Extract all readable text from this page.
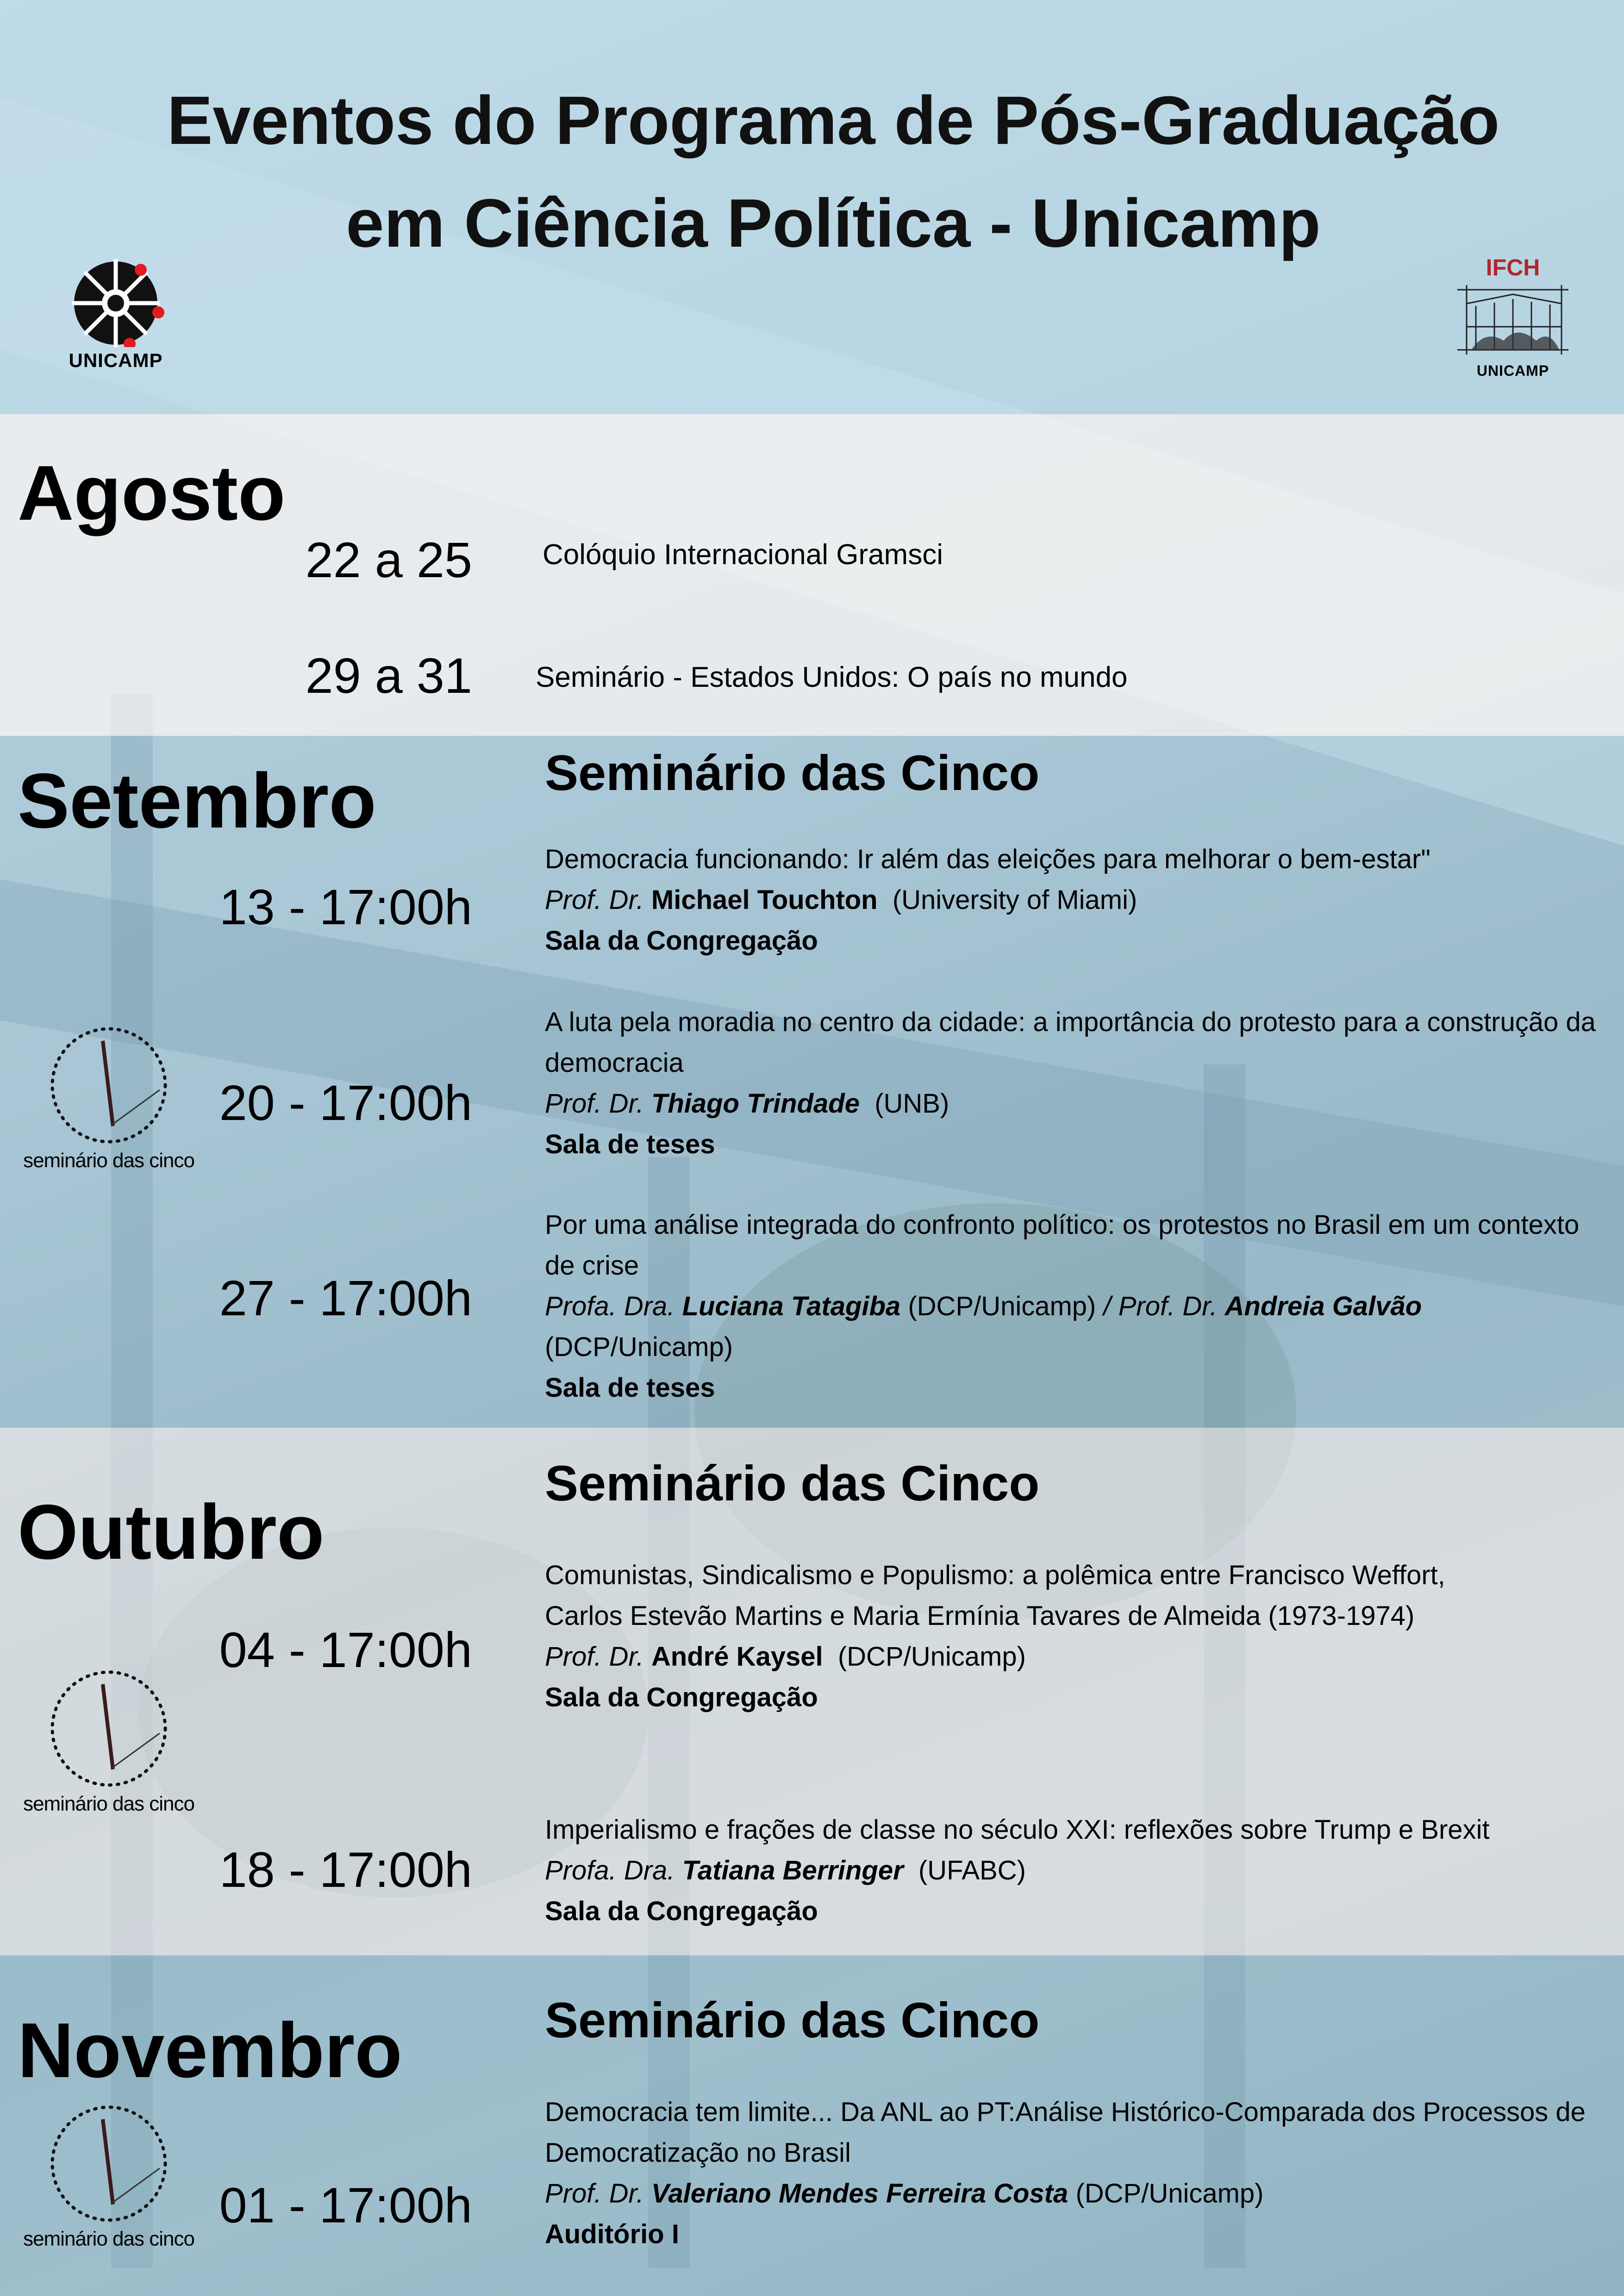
Eventos do Programa de Pós-Graduação
em Ciência Política - Unicamp
UNICAMP
IFCH
UNICAMP
Agosto
22 a 25 Colóquio Internacional Gramsci
29 a 31 Seminário - Estados Unidos: O país no mundo
Setembro	Seminário das Cinco
seminário das cinco
13 - 17:00h

Democracia funcionando: Ir além das eleições para melhorar o bem-estar"

Prof. Dr. Michael Touchton (University of Miami)

Sala da Congregação

20 - 17:00h

A luta pela moradia no centro da cidade: a importância do protesto para a construção da democracia

Prof. Dr. Thiago Trindade (UNB)

Sala de teses

27 - 17:00h

Por uma análise integrada do confronto político: os protestos no Brasil em um contexto de crise

Profa. Dra. Luciana Tatagiba (DCP/Unicamp) / Prof. Dr. Andreia Galvão (DCP/Unicamp)

Sala de teses

Outubro
Seminário das Cinco
seminário das cinco
04 - 17:00h

Comunistas, Sindicalismo e Populismo: a polêmica entre Francisco Weffort, Carlos Estevão Martins e Maria Ermínia Tavares de Almeida (1973-1974)

Prof. Dr. André Kaysel (DCP/Unicamp)

Sala da Congregação

18 - 17:00h

Imperialismo e frações de classe no século XXI: reflexões sobre Trump e Brexit

Profa. Dra. Tatiana Berringer (UFABC)

Sala da Congregação

Novembro	Seminário das Cinco
seminário das cinco
01 - 17:00h

Democracia tem limite... Da ANL ao PT:Análise Histórico-Comparada dos Processos de Democratização no Brasil

Prof. Dr. Valeriano Mendes Ferreira Costa (DCP/Unicamp)

Auditório I
